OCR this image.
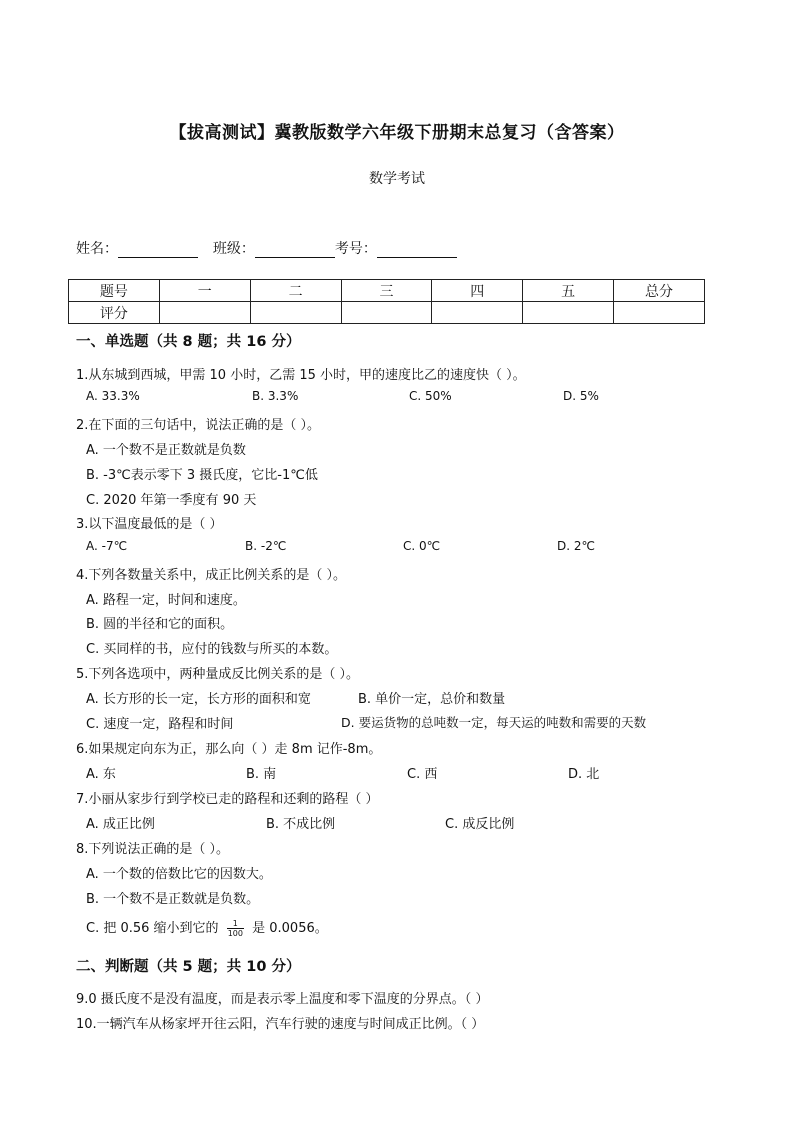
【拔高测试】冀教版数学六年级下册期末总复习（含答案）
数学考试
姓名：	班级：	考号：
题号	一	二	三	四	五	总分
评分						
一、单选题（共 8 题；共 16 分）
1.从东城到西城，甲需 10 小时，乙需 15 小时，甲的速度比乙的速度快（ ）。
A. 33.3%	B. 3.3%	C. 50%	D. 5%
2.在下面的三句话中，说法正确的是（ ）。
A. 一个数不是正数就是负数
B. -3℃表示零下 3 摄氏度，它比-1℃低
C. 2020 年第一季度有 90 天
3.以下温度最低的是（ ）
A. -7℃	B. -2℃	C. 0℃	D. 2℃
4.下列各数量关系中，成正比例关系的是（ ）。
A. 路程一定，时间和速度。
B. 圆的半径和它的面积。
C. 买同样的书，应付的钱数与所买的本数。
5.下列各选项中，两种量成反比例关系的是（ ）。
A. 长方形的长一定，长方形的面积和宽	B. 单价一定，总价和数量
C. 速度一定，路程和时间	D. 要运货物的总吨数一定，每天运的吨数和需要的天数
6.如果规定向东为正，那么向（ ）走 8m 记作-8m。
A. 东	B. 南	C. 西	D. 北
7.小丽从家步行到学校已走的路程和还剩的路程（ ）
A. 成正比例	B. 不成比例	C. 成反比例
8.下列说法正确的是（ ）。
A. 一个数的倍数比它的因数大。
B. 一个数不是正数就是负数。
C. 把 0.56 缩小到它的 $\frac{1}{100}$ 是 0.0056。
二、判断题（共 5 题；共 10 分）
9.0 摄氏度不是没有温度，而是表示零上温度和零下温度的分界点。（ ）
10.一辆汽车从杨家坪开往云阳，汽车行驶的速度与时间成正比例。（ ）
